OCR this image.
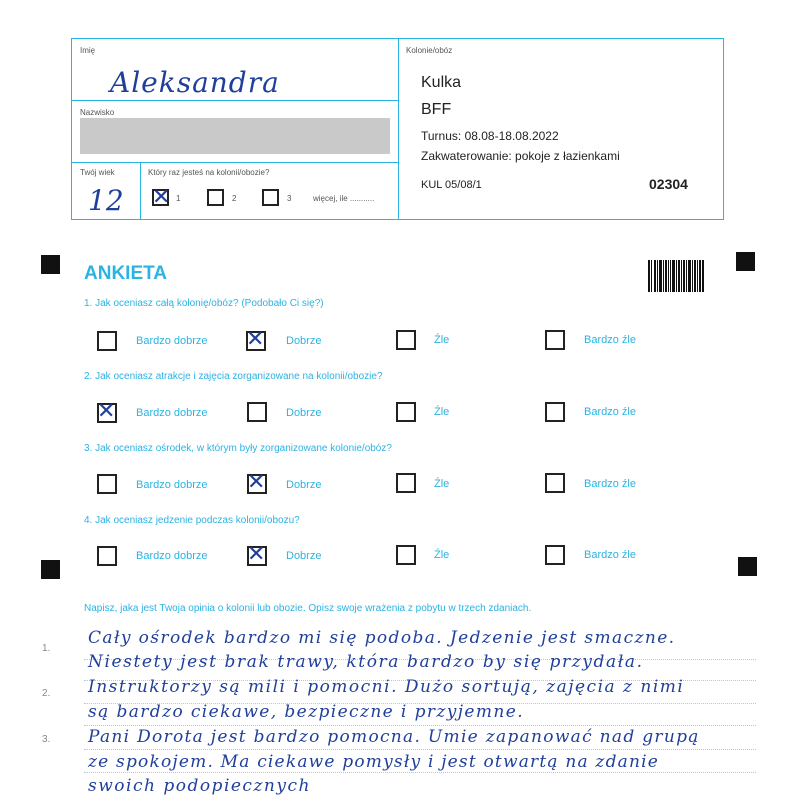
Imię
Aleksandra
Nazwisko
Twój wiek
12
Który raz jesteś na kolonii/obozie?
✕
1	2	3	więcej, ile ...........
Kolonie/obóz
Kulka
BFF
Turnus: 08.08-18.08.2022
Zakwaterowanie: pokoje z łazienkami
KUL 05/08/1	02304
ANKIETA
1. Jak oceniasz całą kolonię/obóz? (Podobało Ci się?)
Bardzo dobrze ✕	Dobrze	Źle	Bardzo źle
2. Jak oceniasz atrakcje i zajęcia zorganizowane na kolonii/obozie?
✕
Bardzo dobrze	Dobrze	Źle	Bardzo źle
3. Jak oceniasz ośrodek, w którym były zorganizowane kolonie/obóz?
Bardzo dobrze ✕	Dobrze	Źle	Bardzo źle
4. Jak oceniasz jedzenie podczas kolonii/obozu?
Bardzo dobrze ✕	Dobrze	Źle	Bardzo źle
Napisz, jaka jest Twoja opinia o kolonii lub obozie. Opisz swoje wrażenia z pobytu w trzech zdaniach.
1.
2.
3.
Cały ośrodek bardzo mi się podoba. Jedzenie jest smaczne.
Niestety jest brak trawy, która bardzo by się przydała.
Instruktorzy są mili i pomocni. Dużo sortują, zajęcia z nimi
są bardzo ciekawe, bezpieczne i przyjemne.
Pani Dorota jest bardzo pomocna. Umie zapanować nad grupą
ze spokojem. Ma ciekawe pomysły i jest otwartą na zdanie
swoich podopiecznych
